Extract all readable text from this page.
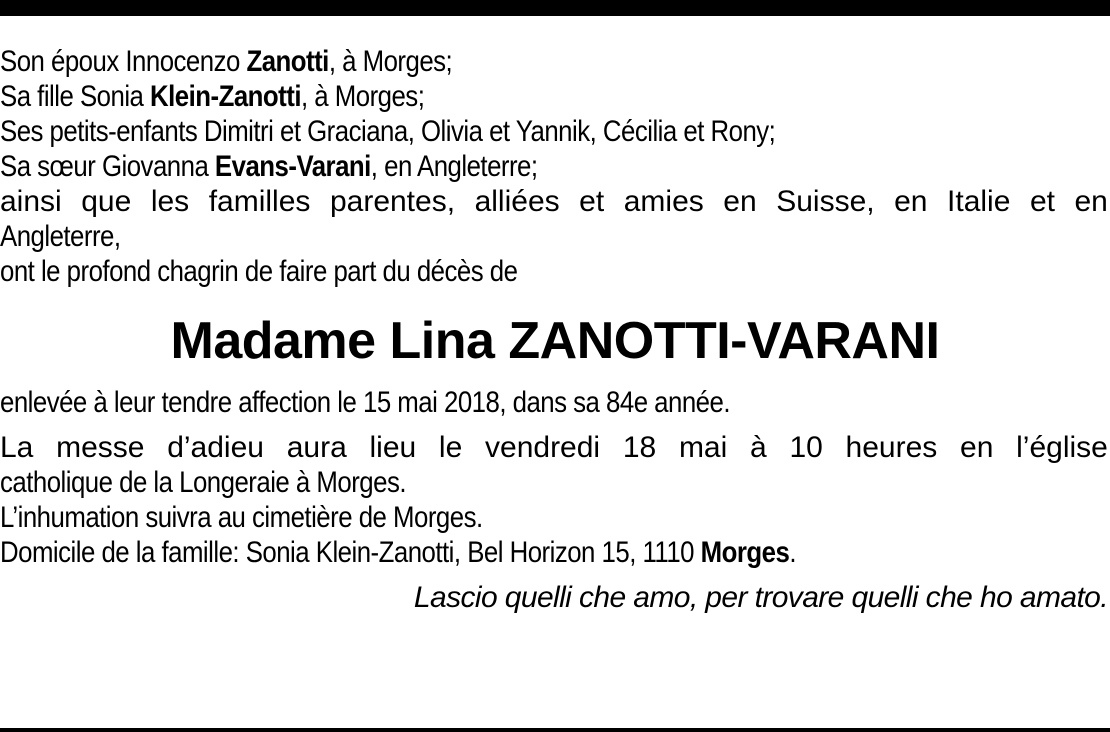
Son époux Innocenzo Zanotti, à Morges;
Sa fille Sonia Klein-Zanotti, à Morges;
Ses petits-enfants Dimitri et Graciana, Olivia et Yannik, Cécilia et Rony;
Sa sœur Giovanna Evans-Varani, en Angleterre;
ainsi que les familles parentes, alliées et amies en Suisse, en Italie et en
Angleterre,
ont le profond chagrin de faire part du décès de
Madame Lina ZANOTTI-VARANI
enlevée à leur tendre affection le 15 mai 2018, dans sa 84e année.
La messe d’adieu aura lieu le vendredi 18 mai à 10 heures en l’église
catholique de la Longeraie à Morges.
L’inhumation suivra au cimetière de Morges.
Domicile de la famille: Sonia Klein-Zanotti, Bel Horizon 15, 1110 Morges.
Lascio quelli che amo, per trovare quelli che ho amato.
